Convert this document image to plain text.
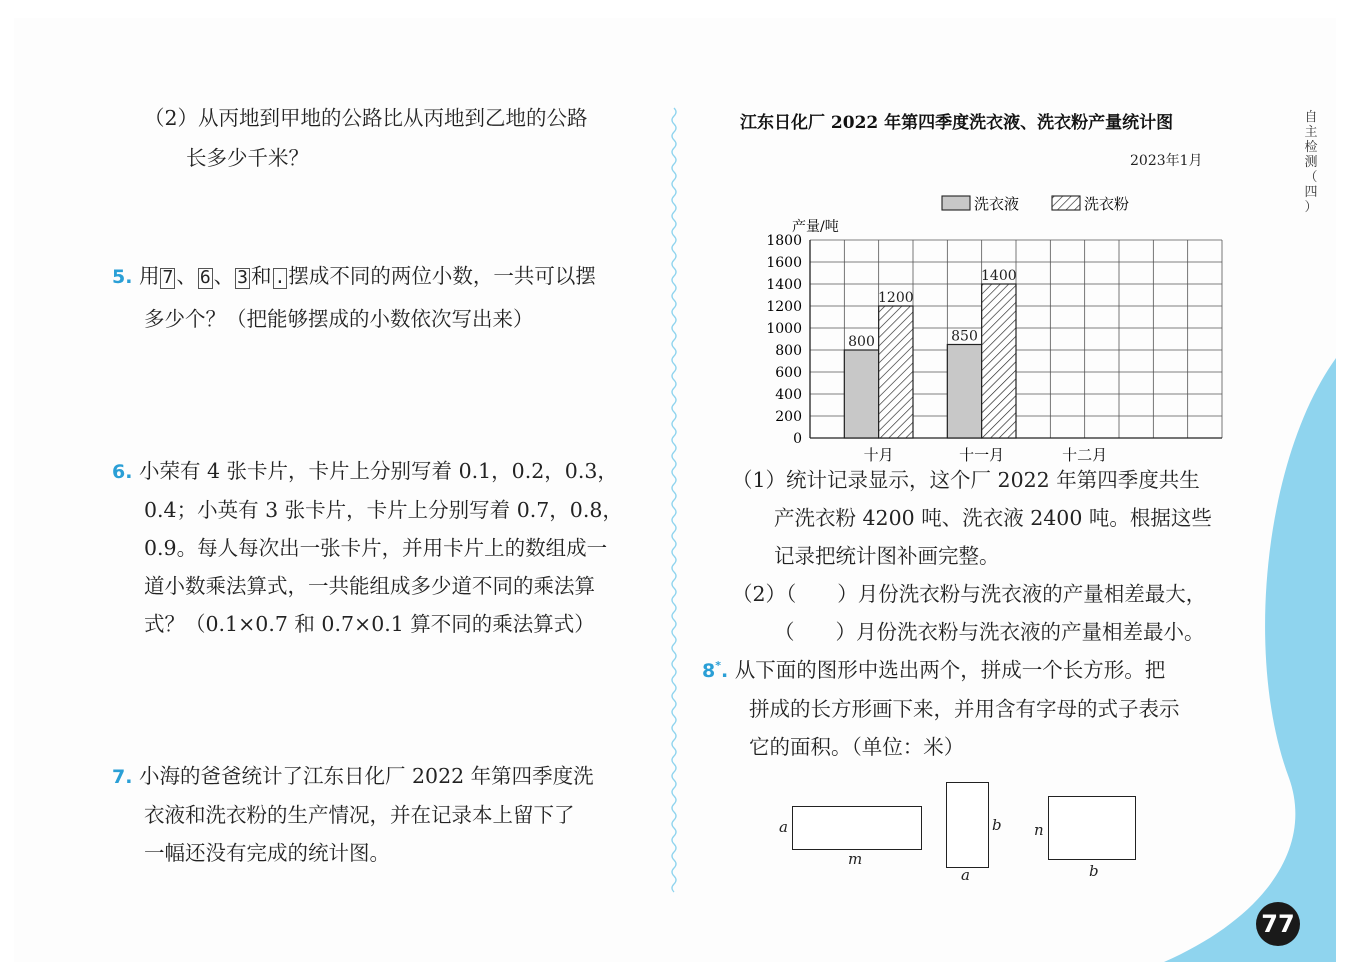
（2）从丙地到甲地的公路比从丙地到乙地的公路
长多少千米？
5. 用 7 、 6 、 3 和 . 摆成不同的两位小数，一共可以摆
多少个？（把能够摆成的小数依次写出来）
6. 小荣有 4 张卡片，卡片上分别写着 0.1，0.2，0.3，
0.4；小英有 3 张卡片，卡片上分别写着 0.7，0.8，
0.9。每人每次出一张卡片，并用卡片上的数组成一
道小数乘法算式，一共能组成多少道不同的乘法算
式？（0.1×0.7 和 0.7×0.1 算不同的乘法算式）
7. 小海的爸爸统计了江东日化厂 2022 年第四季度洗
衣液和洗衣粉的生产情况，并在记录本上留下了
一幅还没有完成的统计图。
江东日化厂 2022 年第四季度洗衣液、洗衣粉产量统计图
2023年1月
洗衣液	洗衣粉
产量/吨
0
200
400
600
800
1000
1200
1400
1600
1800
800
1200
十月
850
1400
十一月	十二月
（1）统计记录显示，这个厂 2022 年第四季度共生
产洗衣粉 4200 吨、洗衣液 2400 吨。根据这些
记录把统计图补画完整。
（2）（　　）月份洗衣粉与洗衣液的产量相差最大，
（　　）月份洗衣粉与洗衣液的产量相差最小。
8*. 从下面的图形中选出两个，拼成一个长方形。把
拼成的长方形画下来，并用含有字母的式子表示
它的面积。（单位：米）
a
m
b
a
n
b
自
主
检
测
（
四
）
77
